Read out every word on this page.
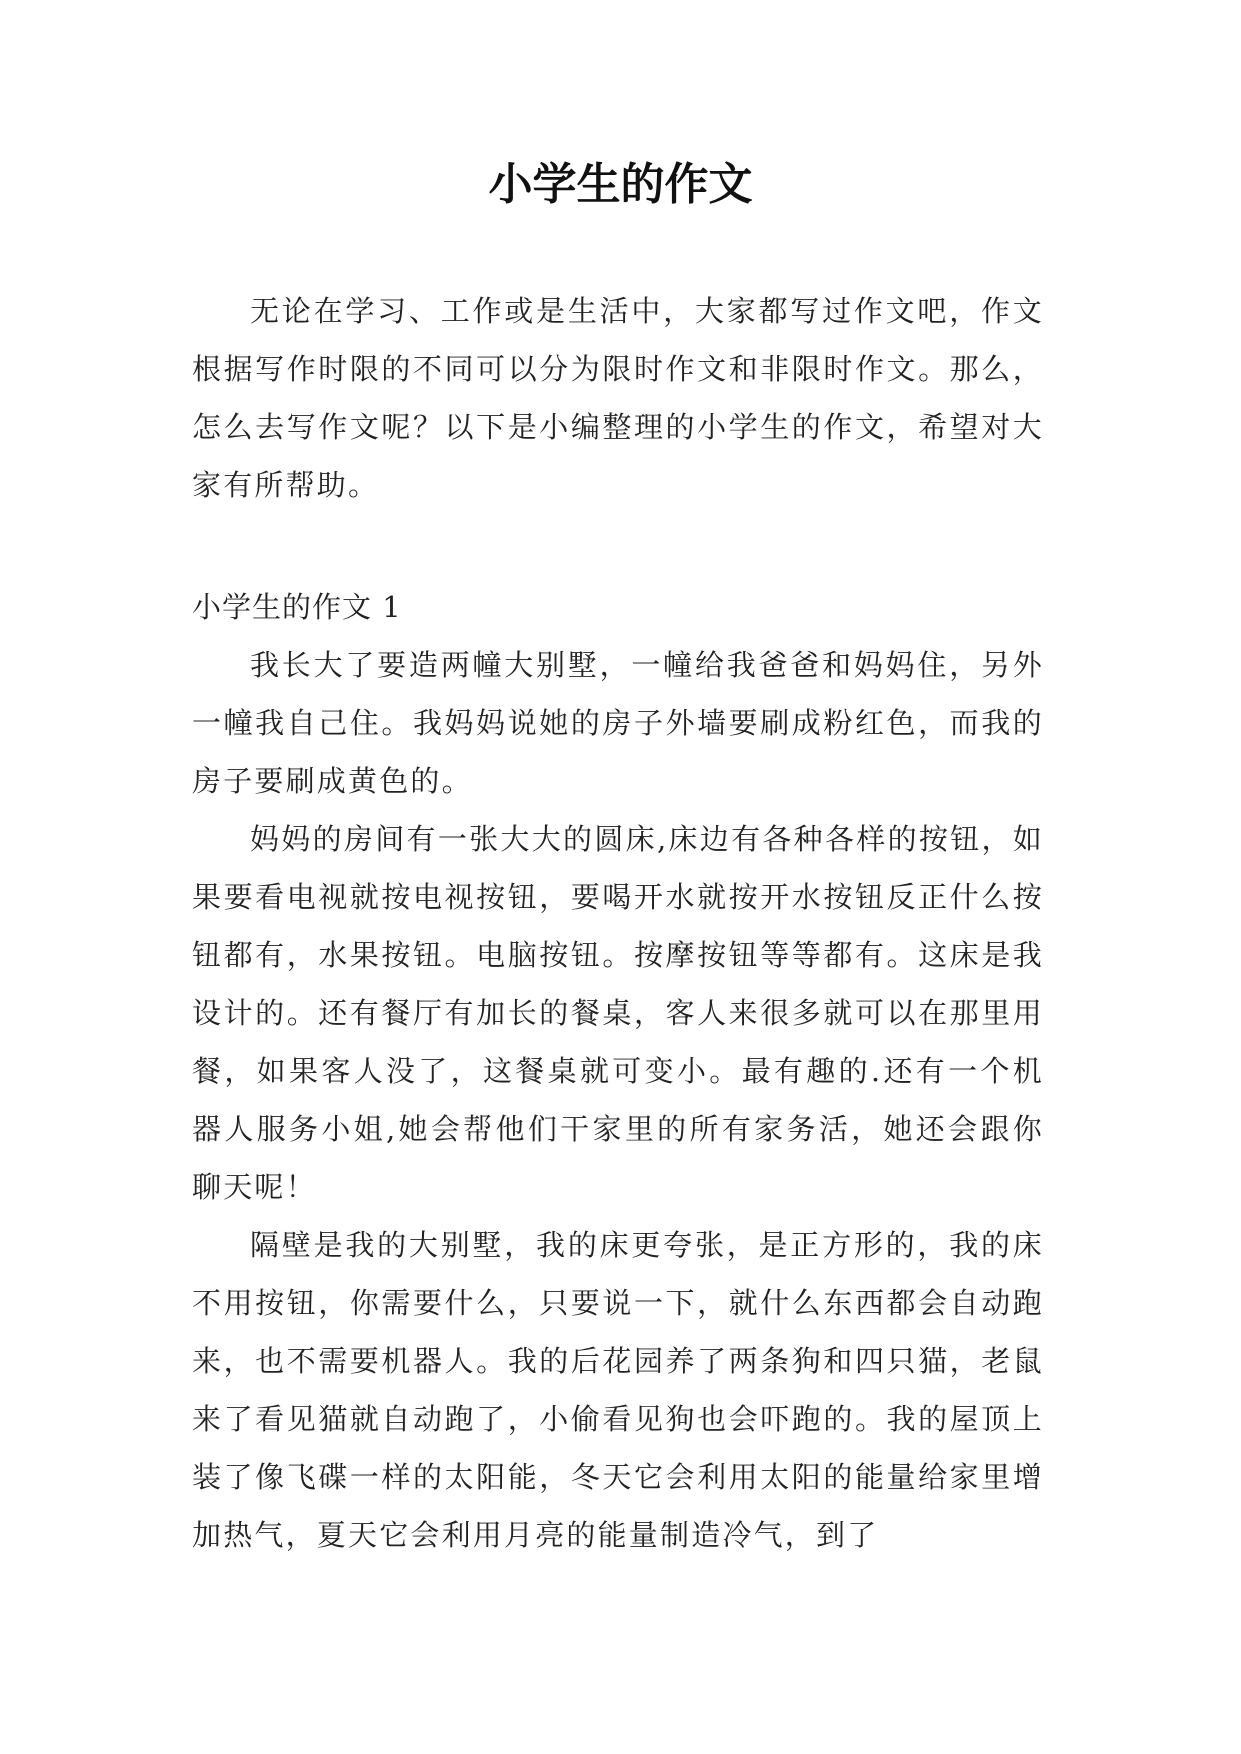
小学生的作文

无论在学习、工作或是生活中，大家都写过作文吧，作文根据写作时限的不同可以分为限时作文和非限时作文。那么，怎么去写作文呢？以下是小编整理的小学生的作文，希望对大家有所帮助。

小学生的作文 1

我长大了要造两幢大别墅，一幢给我爸爸和妈妈住，另外一幢我自己住。我妈妈说她的房子外墙要刷成粉红色，而我的房子要刷成黄色的。

妈妈的房间有一张大大的圆床,床边有各种各样的按钮，如果要看电视就按电视按钮，要喝开水就按开水按钮反正什么按钮都有，水果按钮。电脑按钮。按摩按钮等等都有。这床是我设计的。还有餐厅有加长的餐桌，客人来很多就可以在那里用餐，如果客人没了，这餐桌就可变小。最有趣的.还有一个机器人服务小姐,她会帮他们干家里的所有家务活，她还会跟你聊天呢！

隔壁是我的大别墅，我的床更夸张，是正方形的，我的床不用按钮，你需要什么，只要说一下，就什么东西都会自动跑来，也不需要机器人。我的后花园养了两条狗和四只猫，老鼠来了看见猫就自动跑了，小偷看见狗也会吓跑的。我的屋顶上装了像飞碟一样的太阳能，冬天它会利用太阳的能量给家里增加热气，夏天它会利用月亮的能量制造冷气，到了
